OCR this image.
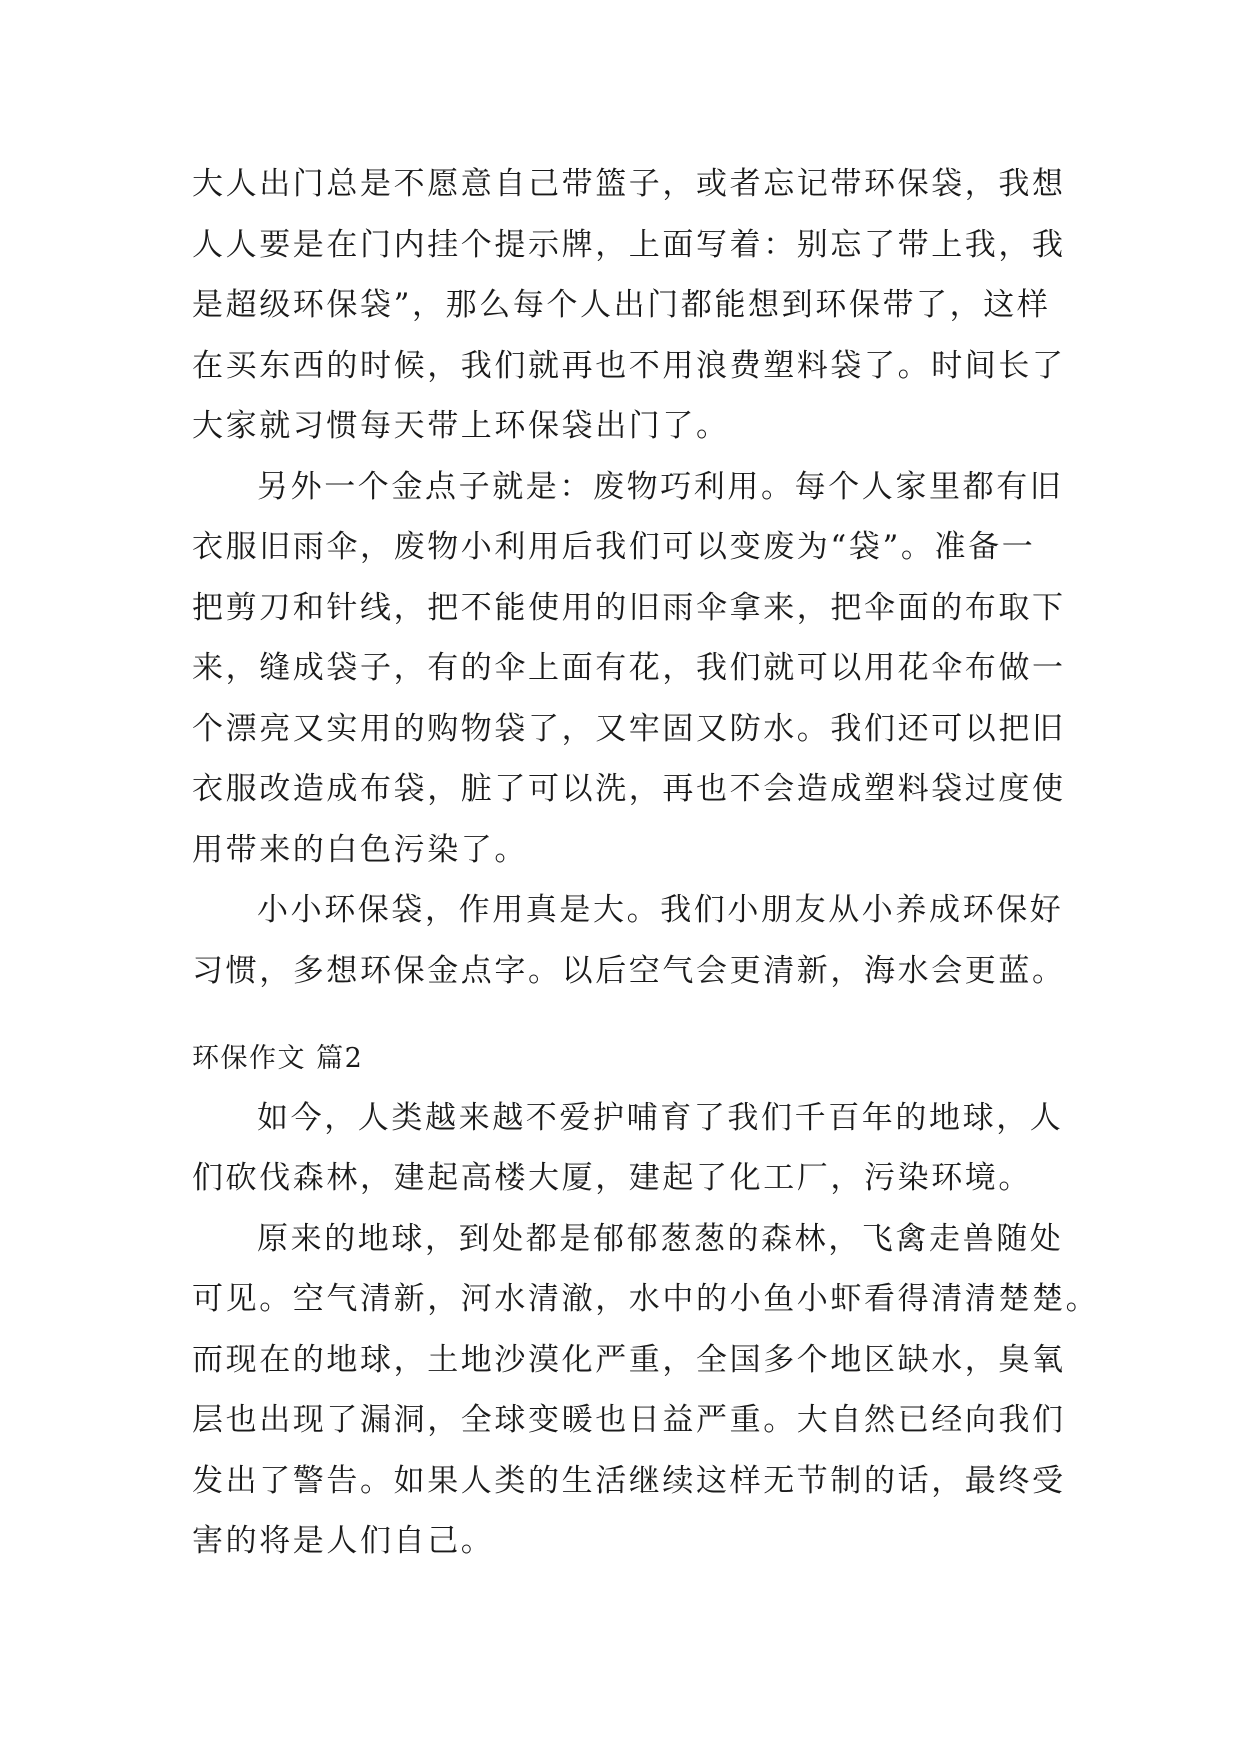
大人出门总是不愿意自己带篮子，或者忘记带环保袋，我想
人人要是在门内挂个提示牌，上面写着：别忘了带上我，我
是超级环保袋”，那么每个人出门都能想到环保带了，这样
在买东西的时候，我们就再也不用浪费塑料袋了。时间长了
大家就习惯每天带上环保袋出门了。
另外一个金点子就是：废物巧利用。每个人家里都有旧
衣服旧雨伞，废物小利用后我们可以变废为“袋”。准备一
把剪刀和针线，把不能使用的旧雨伞拿来，把伞面的布取下
来，缝成袋子，有的伞上面有花，我们就可以用花伞布做一
个漂亮又实用的购物袋了，又牢固又防水。我们还可以把旧
衣服改造成布袋，脏了可以洗，再也不会造成塑料袋过度使
用带来的白色污染了。
小小环保袋，作用真是大。我们小朋友从小养成环保好
习惯，多想环保金点字。以后空气会更清新，海水会更蓝。
环保作文 篇2
如今，人类越来越不爱护哺育了我们千百年的地球，人
们砍伐森林，建起高楼大厦，建起了化工厂，污染环境。
原来的地球，到处都是郁郁葱葱的森林，飞禽走兽随处
可见。空气清新，河水清澈，水中的小鱼小虾看得清清楚楚。
而现在的地球，土地沙漠化严重，全国多个地区缺水，臭氧
层也出现了漏洞，全球变暖也日益严重。大自然已经向我们
发出了警告。如果人类的生活继续这样无节制的话，最终受
害的将是人们自己。
